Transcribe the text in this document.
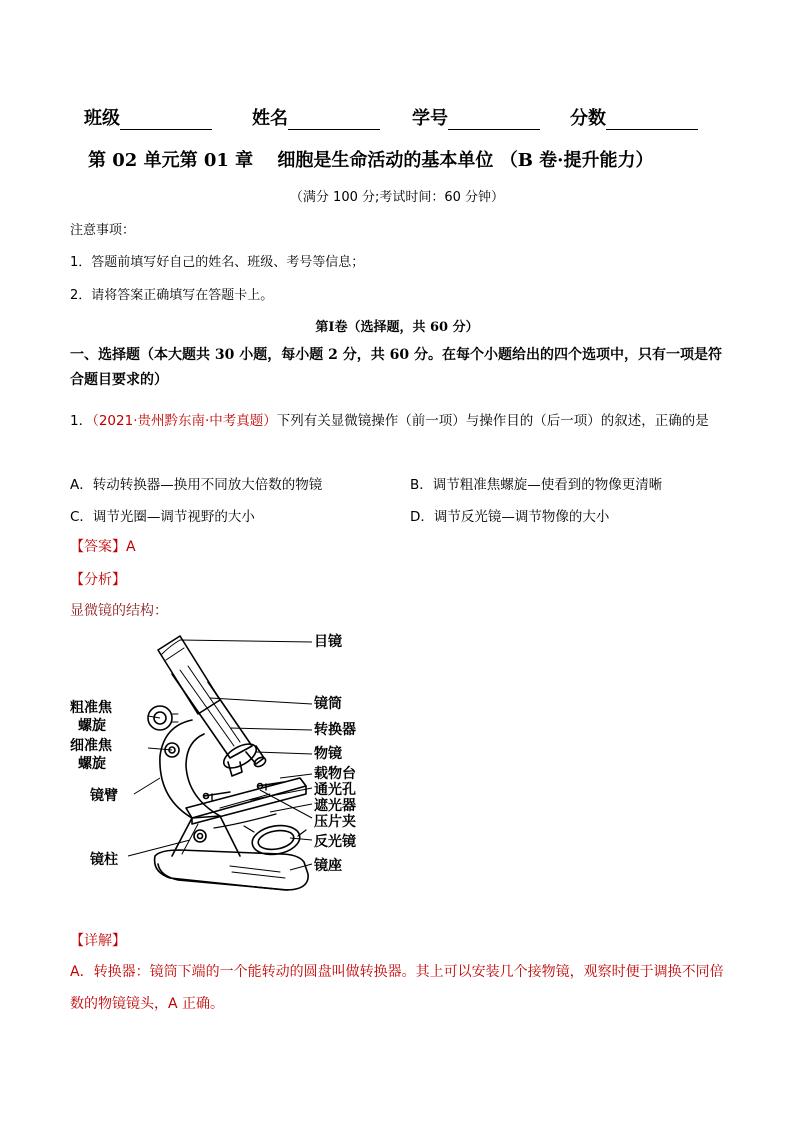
班级	姓名	学号	分数
第 02 单元第 01 章　 细胞是生命活动的基本单位 （B 卷·提升能力）
（满分 100 分;考试时间：60 分钟）
注意事项：
1．答题前填写好自己的姓名、班级、考号等信息；
2．请将答案正确填写在答题卡上。
第Ⅰ卷（选择题，共 60 分）
一、选择题（本大题共 30 小题，每小题 2 分，共 60 分。在每个小题给出的四个选项中，只有一项是符合题目要求的）
1．（2021·贵州黔东南·中考真题）下列有关显微镜操作（前一项）与操作目的（后一项）的叙述，正确的是
A．转动转换器—换用不同放大倍数的物镜	B．调节粗准焦螺旋—使看到的物像更清晰
C．调节光圈—调节视野的大小	D．调节反光镜—调节物像的大小
【答案】A
【分析】
显微镜的结构：
目镜
镜筒
转换器
物镜
载物台
通光孔
遮光器
压片夹
反光镜
镜座
粗准焦
螺旋
细准焦
螺旋
镜臂
镜柱
【详解】
A．转换器：镜筒下端的一个能转动的圆盘叫做转换器。其上可以安装几个接物镜，观察时便于调换不同倍数的物镜镜头，A 正确。
